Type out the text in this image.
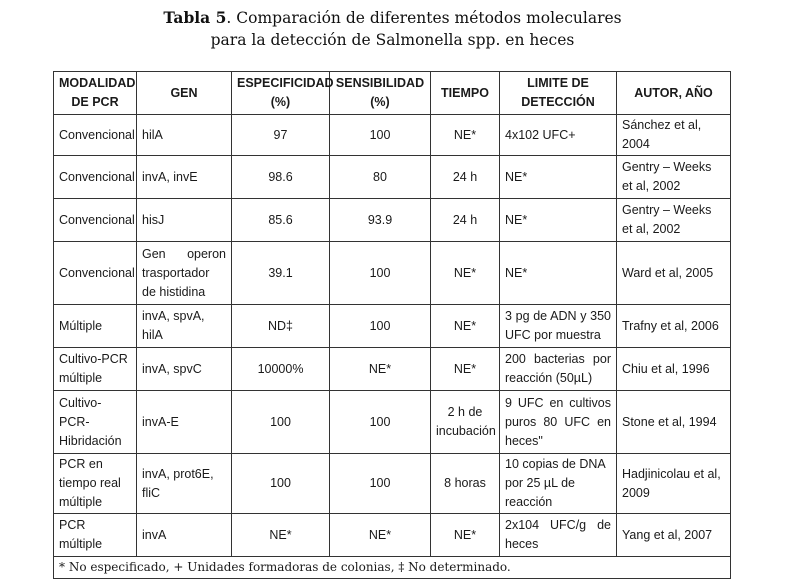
Tabla 5. Comparación de diferentes métodos moleculares
para la detección de Salmonella spp. en heces
MODALIDAD DE PCR	GEN	ESPECIFICIDAD (%)	SENSIBILIDAD (%)	TIEMPO	LIMITE DE DETECCIÓN	AUTOR, AÑO
Convencional	hilA	97	100	NE*	4x102 UFC+	Sánchez et al, 2004
Convencional	invA, invE	98.6	80	24 h	NE*	Gentry – Weeks et al, 2002
Convencional	hisJ	85.6	93.9	24 h	NE*	Gentry – Weeks et al, 2002
Convencional	Gen operon trasportador de histidina	39.1	100	NE*	NE*	Ward et al, 2005
Múltiple	invA, spvA, hilA	ND‡	100	NE*	3 pg de ADN y 350 UFC por muestra	Trafny et al, 2006
Cultivo-PCR múltiple	invA, spvC	10000%	NE*	NE*	200 bacterias por reacción (50µL)	Chiu et al, 1996
Cultivo-PCR-Hibridación	invA-E	100	100	2 h de incubación	9 UFC en cultivos puros 80 UFC en heces"	Stone et al, 1994
PCR en tiempo real múltiple	invA, prot6E, fliC	100	100	8 horas	10 copias de DNA por 25 µL de reacción	Hadjinicolau et al, 2009
PCR múltiple	invA	NE*	NE*	NE*	2x104 UFC/g de heces	Yang et al, 2007
* No especificado, + Unidades formadoras de colonias, ‡ No determinado.						
